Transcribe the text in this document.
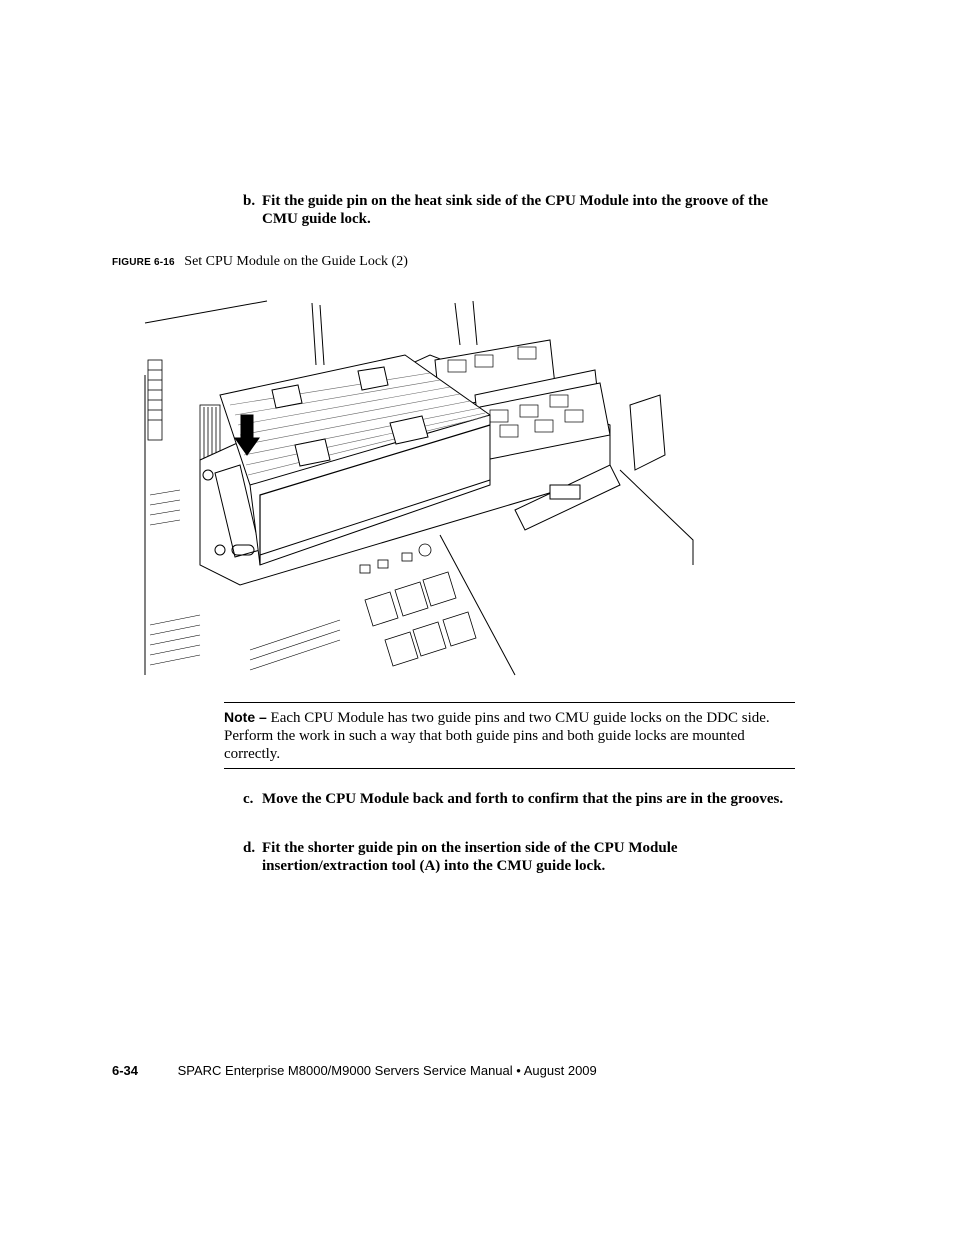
b. Fit the guide pin on the heat sink side of the CPU Module into the groove of the CMU guide lock.
FIGURE 6-16 Set CPU Module on the Guide Lock (2)
Note – Each CPU Module has two guide pins and two CMU guide locks on the DDC side. Perform the work in such a way that both guide pins and both guide locks are mounted correctly.
c. Move the CPU Module back and forth to confirm that the pins are in the grooves.
d. Fit the shorter guide pin on the insertion side of the CPU Module insertion/extraction tool (A) into the CMU guide lock.
6-34	SPARC Enterprise M8000/M9000 Servers Service Manual • August 2009
